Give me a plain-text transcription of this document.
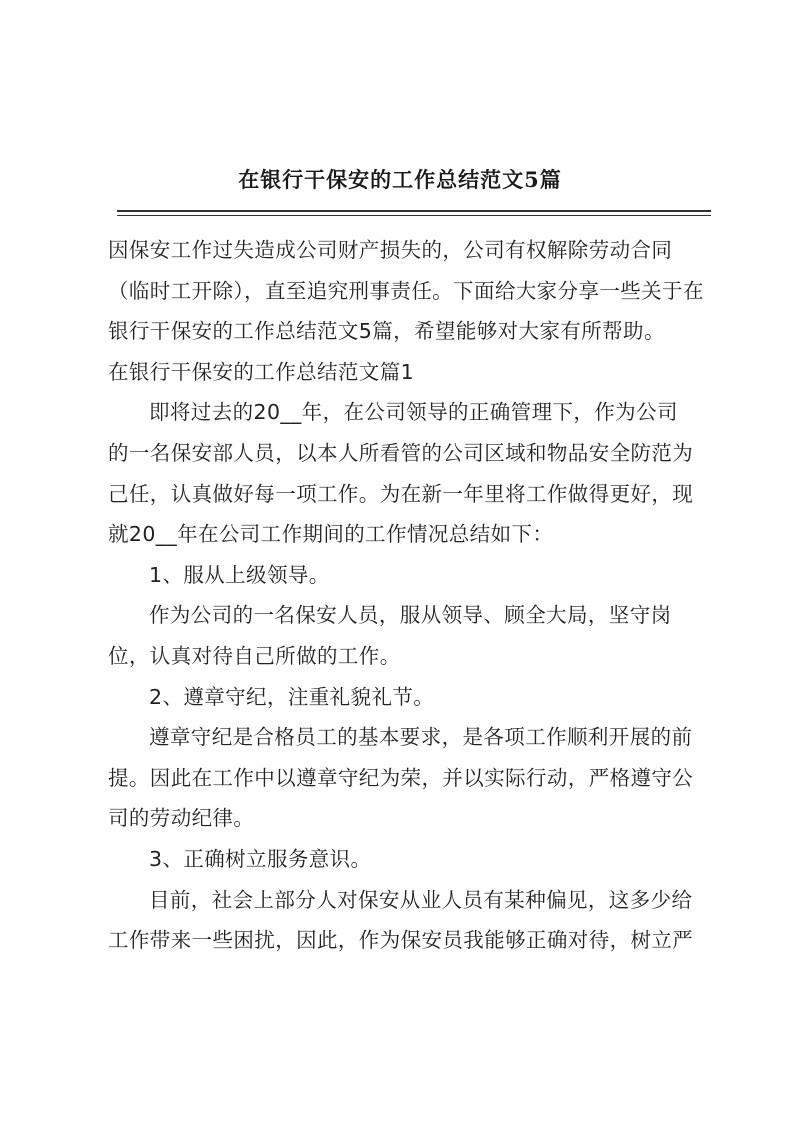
在银行干保安的工作总结范文5篇

因保安工作过失造成公司财产损失的，公司有权解除劳动合同

（临时工开除），直至追究刑事责任。下面给大家分享一些关于在

银行干保安的工作总结范文5篇，希望能够对大家有所帮助。

在银行干保安的工作总结范文篇1

即将过去的20__年，在公司领导的正确管理下，作为公司

的一名保安部人员，以本人所看管的公司区域和物品安全防范为

己任，认真做好每一项工作。为在新一年里将工作做得更好，现

就20__年在公司工作期间的工作情况总结如下：

1、服从上级领导。

作为公司的一名保安人员，服从领导、顾全大局，坚守岗

位，认真对待自己所做的工作。

2、遵章守纪，注重礼貌礼节。

遵章守纪是合格员工的基本要求，是各项工作顺利开展的前

提。因此在工作中以遵章守纪为荣，并以实际行动，严格遵守公

司的劳动纪律。

3、正确树立服务意识。

目前，社会上部分人对保安从业人员有某种偏见，这多少给

工作带来一些困扰，因此，作为保安员我能够正确对待，树立严
